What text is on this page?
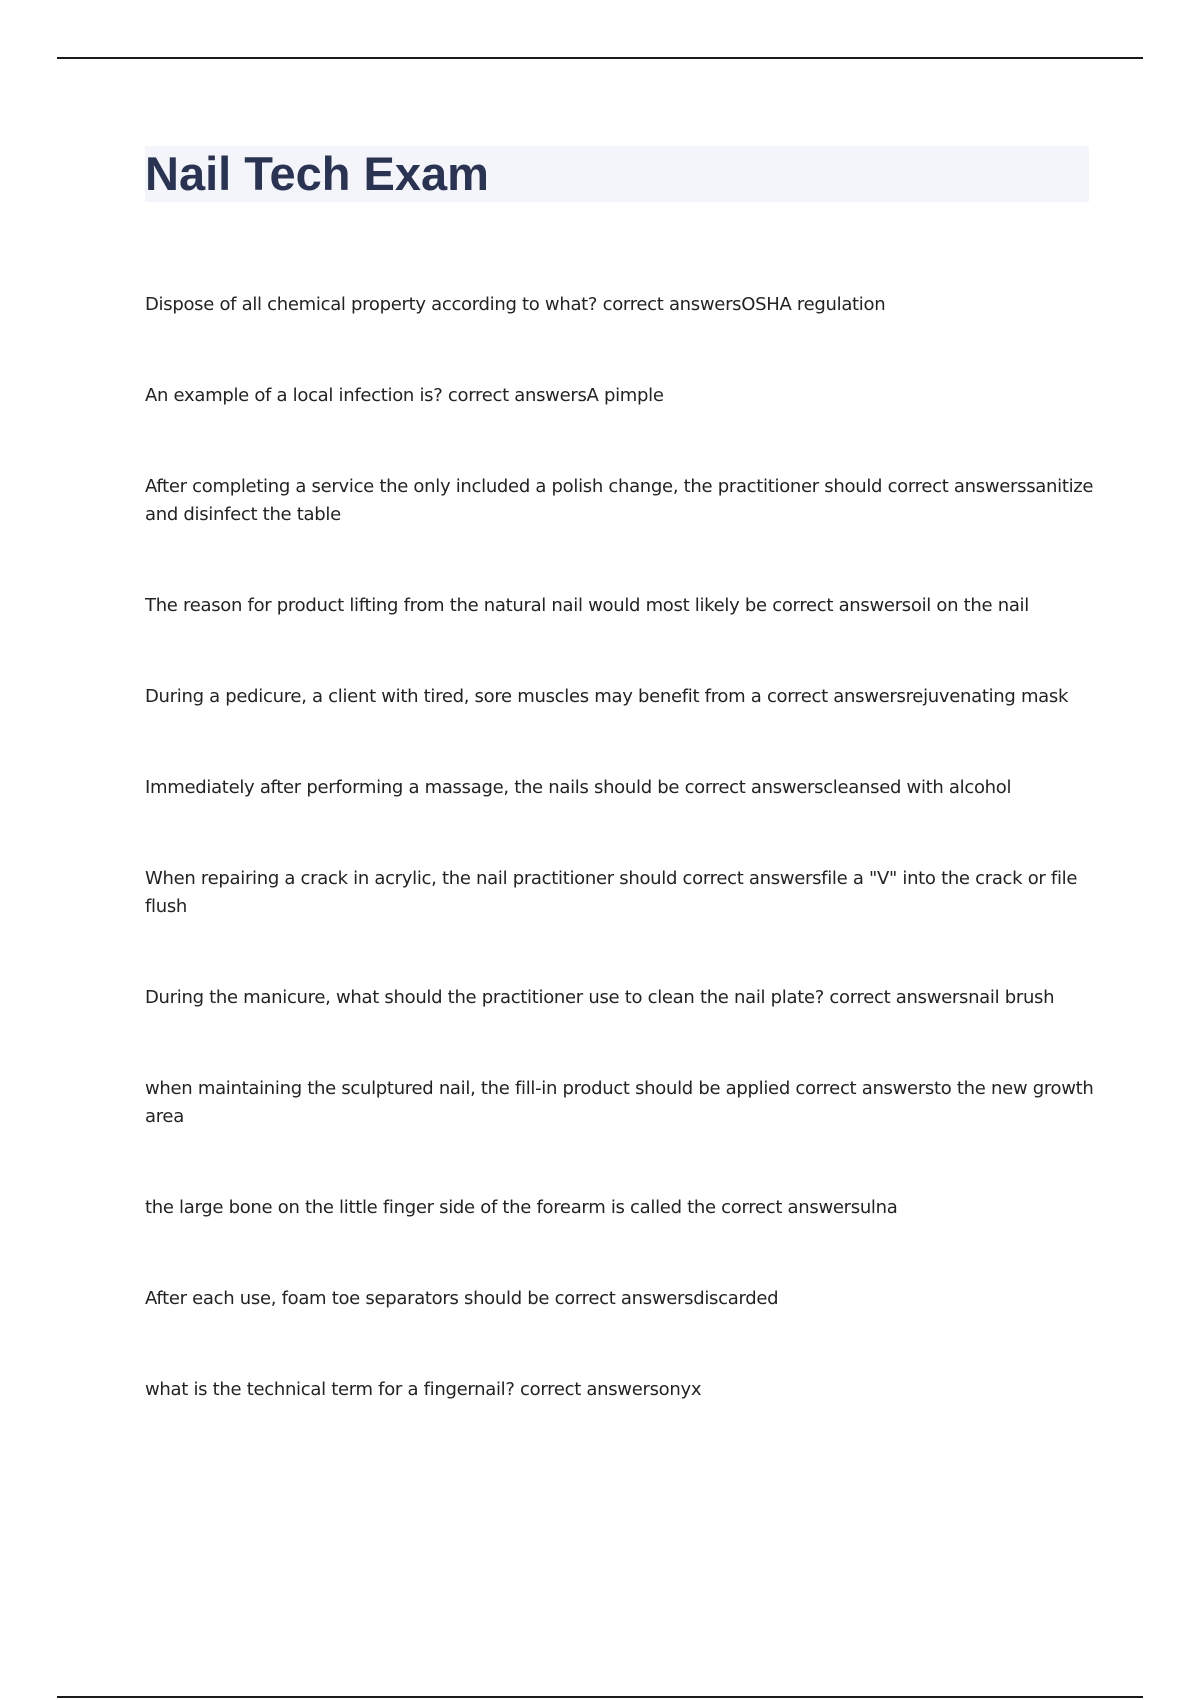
Nail Tech Exam
Dispose of all chemical property according to what? correct answersOSHA regulation
An example of a local infection is? correct answersA pimple
After completing a service the only included a polish change, the practitioner should correct answerssanitize and disinfect the table
The reason for product lifting from the natural nail would most likely be correct answersoil on the nail
During a pedicure, a client with tired, sore muscles may benefit from a correct answersrejuvenating mask
Immediately after performing a massage, the nails should be correct answerscleansed with alcohol
When repairing a crack in acrylic, the nail practitioner should correct answersfile a "V" into the crack or file flush
During the manicure, what should the practitioner use to clean the nail plate? correct answersnail brush
when maintaining the sculptured nail, the fill-in product should be applied correct answersto the new growth area
the large bone on the little finger side of the forearm is called the correct answersulna
After each use, foam toe separators should be correct answersdiscarded
what is the technical term for a fingernail? correct answersonyx
